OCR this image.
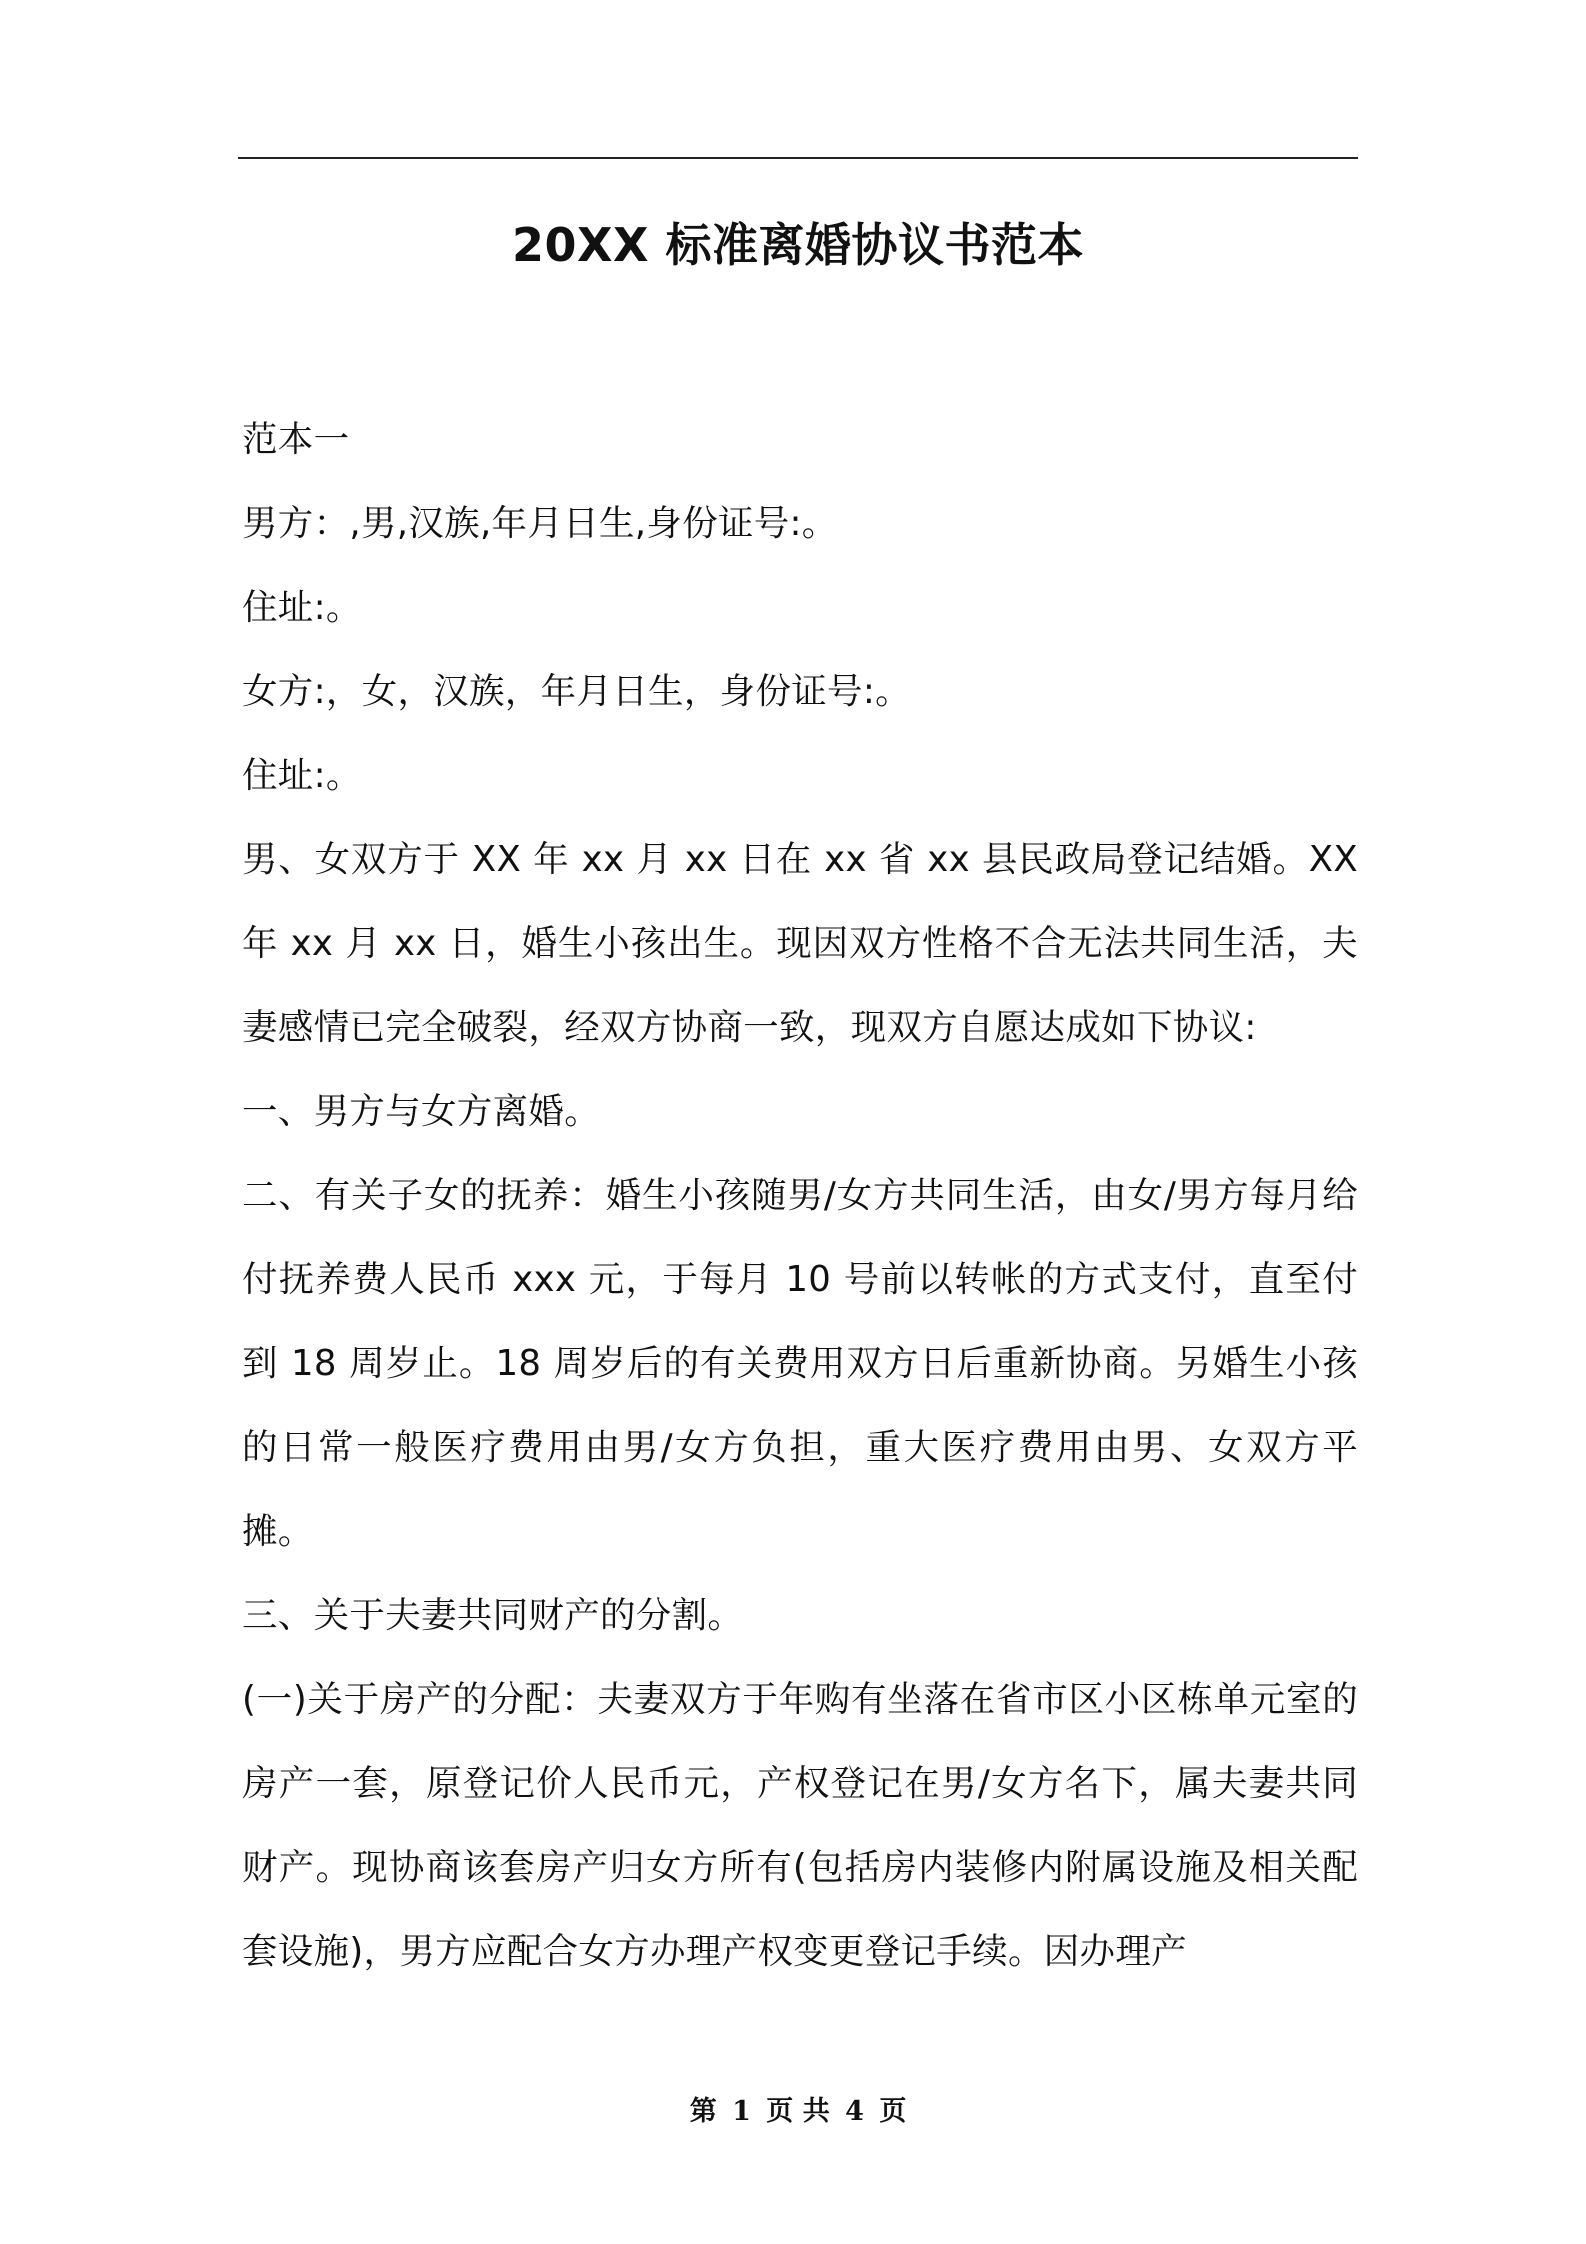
20XX 标准离婚协议书范本

范本一

男方：,男,汉族,年月日生,身份证号:。

住址:。

女方:，女，汉族，年月日生，身份证号:。

住址:。

男、女双方于 XX 年 xx 月 xx 日在 xx 省 xx 县民政局登记结婚。XX 年 xx 月 xx 日，婚生小孩出生。现因双方性格不合无法共同生活，夫妻感情已完全破裂，经双方协商一致，现双方自愿达成如下协议:

一、男方与女方离婚。

二、有关子女的抚养：婚生小孩随男/女方共同生活，由女/男方每月给付抚养费人民币 xxx 元，于每月 10 号前以转帐的方式支付，直至付到 18 周岁止。18 周岁后的有关费用双方日后重新协商。另婚生小孩的日常一般医疗费用由男/女方负担，重大医疗费用由男、女双方平摊。

三、关于夫妻共同财产的分割。

(一)关于房产的分配：夫妻双方于年购有坐落在省市区小区栋单元室的房产一套，原登记价人民币元，产权登记在男/女方名下，属夫妻共同财产。现协商该套房产归女方所有(包括房内装修内附属设施及相关配套设施)，男方应配合女方办理产权变更登记手续。因办理产

第 1 页 共 4 页
